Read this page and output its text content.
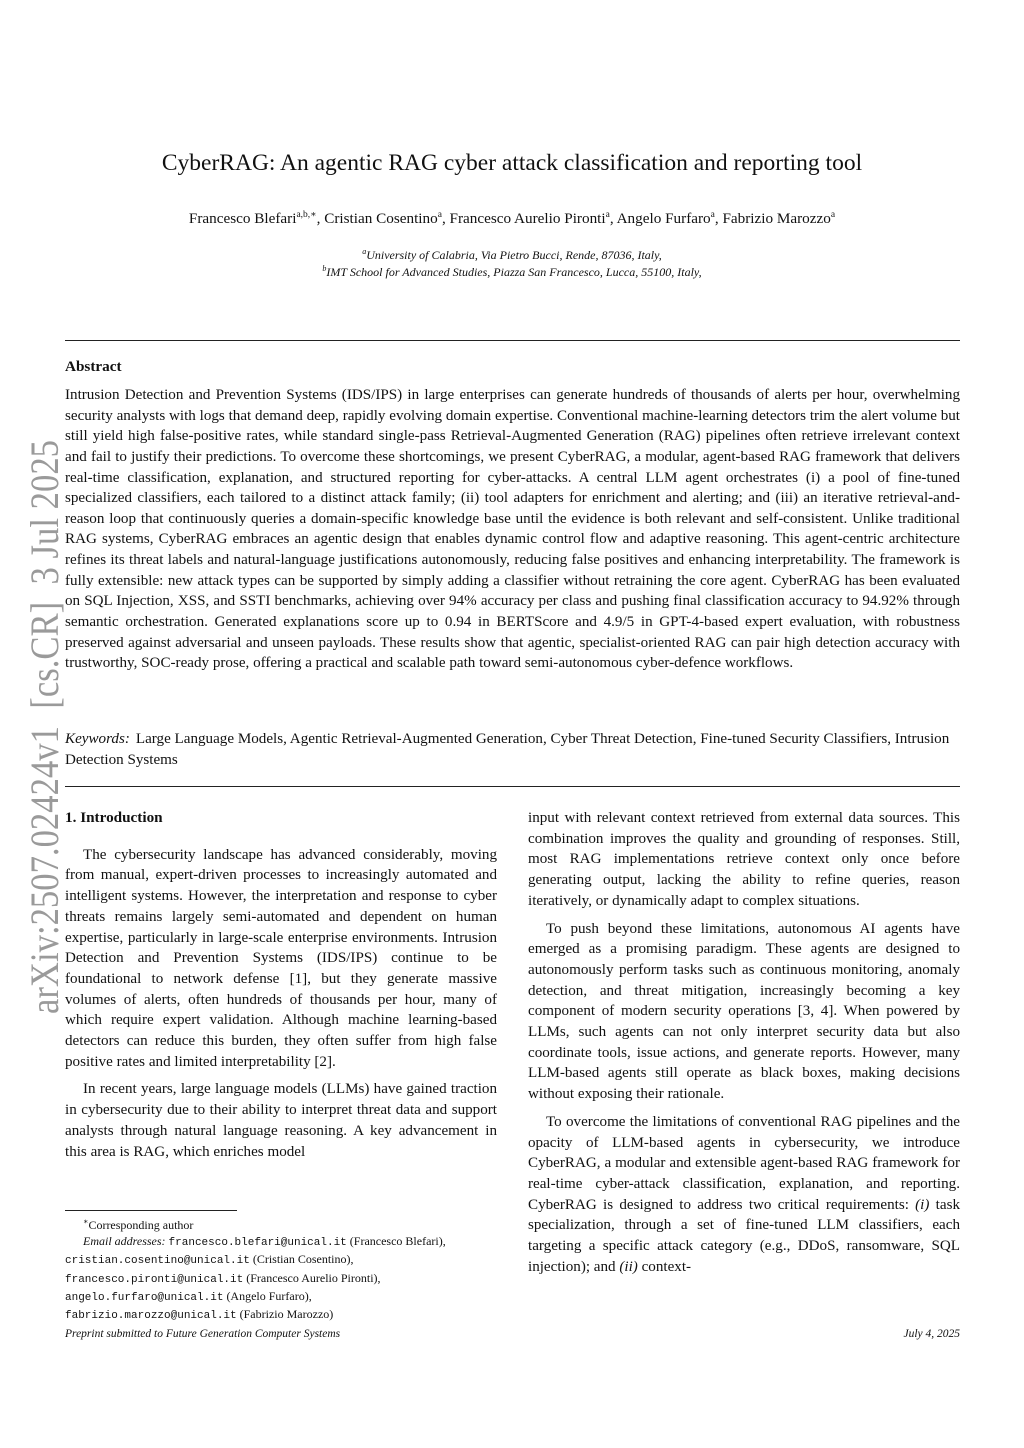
CyberRAG: An agentic RAG cyber attack classification and reporting tool
Francesco Blefari$^{a,b,∗}$, Cristian Cosentino$^a$, Francesco Aurelio Pironti$^a$, Angelo Furfaro$^a$, Fabrizio Marozzo$^a$
$^a$University of Calabria, Via Pietro Bucci, Rende, 87036, Italy,
$^b$IMT School for Advanced Studies, Piazza San Francesco, Lucca, 55100, Italy,
arXiv:2507.02424v1  [cs.CR]  3 Jul 2025
Abstract
Intrusion Detection and Prevention Systems (IDS/IPS) in large enterprises can generate hundreds of thousands of alerts per hour, overwhelming security analysts with logs that demand deep, rapidly evolving domain expertise. Conventional machine-learning detectors trim the alert volume but still yield high false-positive rates, while standard single-pass Retrieval-Augmented Generation (RAG) pipelines often retrieve irrelevant context and fail to justify their predictions. To overcome these shortcomings, we present CyberRAG, a modular, agent-based RAG framework that delivers real-time classification, explanation, and structured reporting for cyber-attacks. A central LLM agent orchestrates (i) a pool of fine-tuned specialized classifiers, each tailored to a distinct attack family; (ii) tool adapters for enrichment and alerting; and (iii) an iterative retrieval-and-reason loop that continuously queries a domain-specific knowledge base until the evidence is both relevant and self-consistent. Unlike traditional RAG systems, CyberRAG embraces an agentic design that enables dynamic control flow and adaptive reasoning. This agent-centric architecture refines its threat labels and natural-language justifications autonomously, reducing false positives and enhancing interpretability. The framework is fully extensible: new attack types can be supported by simply adding a classifier without retraining the core agent. CyberRAG has been evaluated on SQL Injection, XSS, and SSTI benchmarks, achieving over 94% accuracy per class and pushing final classification accuracy to 94.92% through semantic orchestration. Generated explanations score up to 0.94 in BERTScore and 4.9/5 in GPT-4-based expert evaluation, with robustness preserved against adversarial and unseen payloads. These results show that agentic, specialist-oriented RAG can pair high detection accuracy with trustworthy, SOC-ready prose, offering a practical and scalable path toward semi-autonomous cyber-defence workflows.
Keywords: Large Language Models, Agentic Retrieval-Augmented Generation, Cyber Threat Detection, Fine-tuned Security Classifiers, Intrusion Detection Systems
1. Introduction

The cybersecurity landscape has advanced considerably, moving from manual, expert-driven processes to increasingly automated and intelligent systems. However, the interpretation and response to cyber threats remains largely semi-automated and dependent on human expertise, particularly in large-scale enterprise environments. Intrusion Detection and Prevention Systems (IDS/IPS) continue to be foundational to network defense [1], but they generate massive volumes of alerts, often hundreds of thousands per hour, many of which require expert validation. Although machine learning-based detectors can reduce this burden, they often suffer from high false positive rates and limited interpretability [2].

In recent years, large language models (LLMs) have gained traction in cybersecurity due to their ability to interpret threat data and support analysts through natural language reasoning. A key advancement in this area is RAG, which enriches model

input with relevant context retrieved from external data sources. This combination improves the quality and grounding of responses. Still, most RAG implementations retrieve context only once before generating output, lacking the ability to refine queries, reason iteratively, or dynamically adapt to complex situations.

To push beyond these limitations, autonomous AI agents have emerged as a promising paradigm. These agents are designed to autonomously perform tasks such as continuous monitoring, anomaly detection, and threat mitigation, increasingly becoming a key component of modern security operations [3, 4]. When powered by LLMs, such agents can not only interpret security data but also coordinate tools, issue actions, and generate reports. However, many LLM-based agents still operate as black boxes, making decisions without exposing their rationale.

To overcome the limitations of conventional RAG pipelines and the opacity of LLM-based agents in cybersecurity, we introduce CyberRAG, a modular and extensible agent-based RAG framework for real-time cyber-attack classification, explanation, and reporting. CyberRAG is designed to address two critical requirements: (i) task specialization, through a set of fine-tuned LLM classifiers, each targeting a specific attack category (e.g., DDoS, ransomware, SQL injection); and (ii) context-

∗Corresponding author
Email addresses: francesco.blefari@unical.it (Francesco Blefari), cristian.cosentino@unical.it (Cristian Cosentino),
francesco.pironti@unical.it (Francesco Aurelio Pironti),
angelo.furfaro@unical.it (Angelo Furfaro),
fabrizio.marozzo@unical.it (Fabrizio Marozzo)
Preprint submitted to Future Generation Computer Systems	July 4, 2025
